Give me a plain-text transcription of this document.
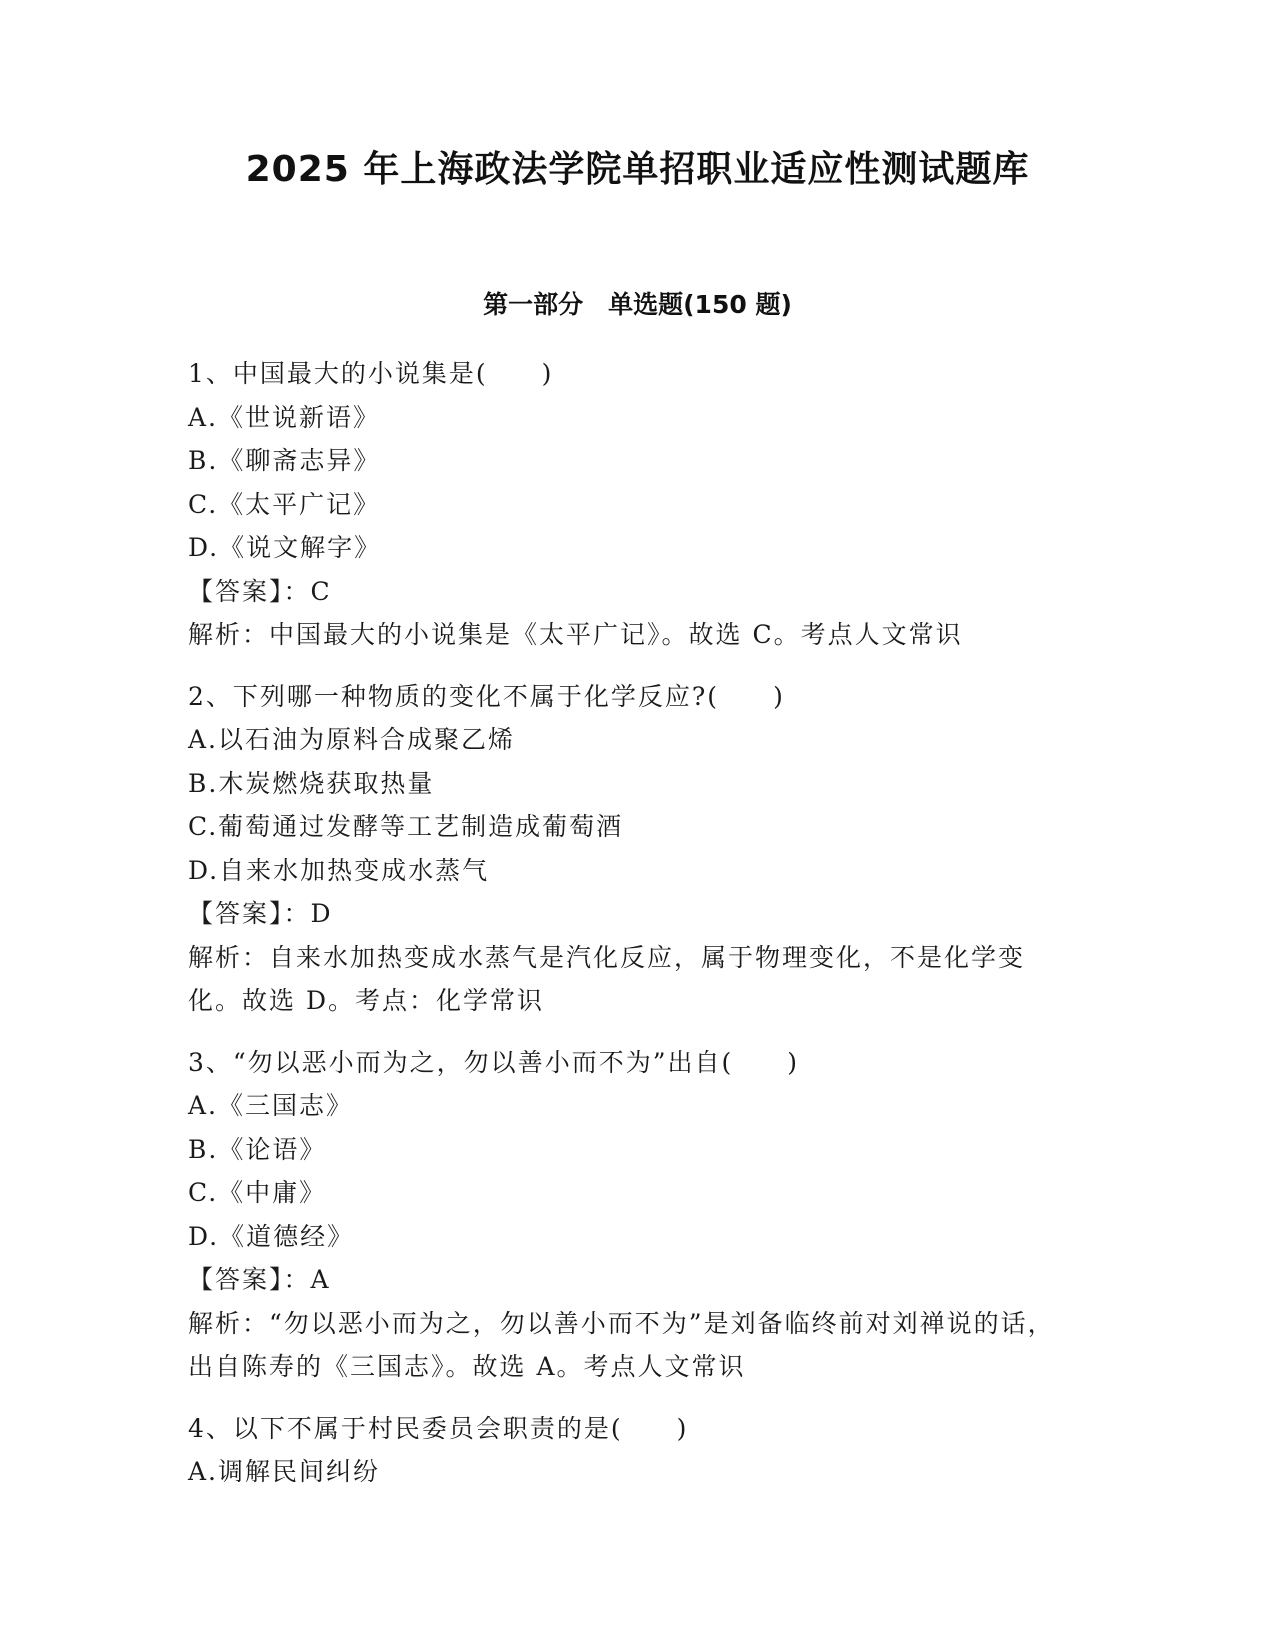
2025 年上海政法学院单招职业适应性测试题库
第一部分　单选题(150 题)
1、中国最大的小说集是(　　)
A.《世说新语》
B.《聊斋志异》
C.《太平广记》
D.《说文解字》
【答案】：C
解析：中国最大的小说集是《太平广记》。故选 C。考点人文常识
2、下列哪一种物质的变化不属于化学反应?(　　)
A.以石油为原料合成聚乙烯
B.木炭燃烧获取热量
C.葡萄通过发酵等工艺制造成葡萄酒
D.自来水加热变成水蒸气
【答案】：D
解析：自来水加热变成水蒸气是汽化反应，属于物理变化，不是化学变化。故选 D。考点：化学常识
3、“勿以恶小而为之，勿以善小而不为”出自(　　)
A.《三国志》
B.《论语》
C.《中庸》
D.《道德经》
【答案】：A
解析：“勿以恶小而为之，勿以善小而不为”是刘备临终前对刘禅说的话，出自陈寿的《三国志》。故选 A。考点人文常识
4、以下不属于村民委员会职责的是(　　)
A.调解民间纠纷
